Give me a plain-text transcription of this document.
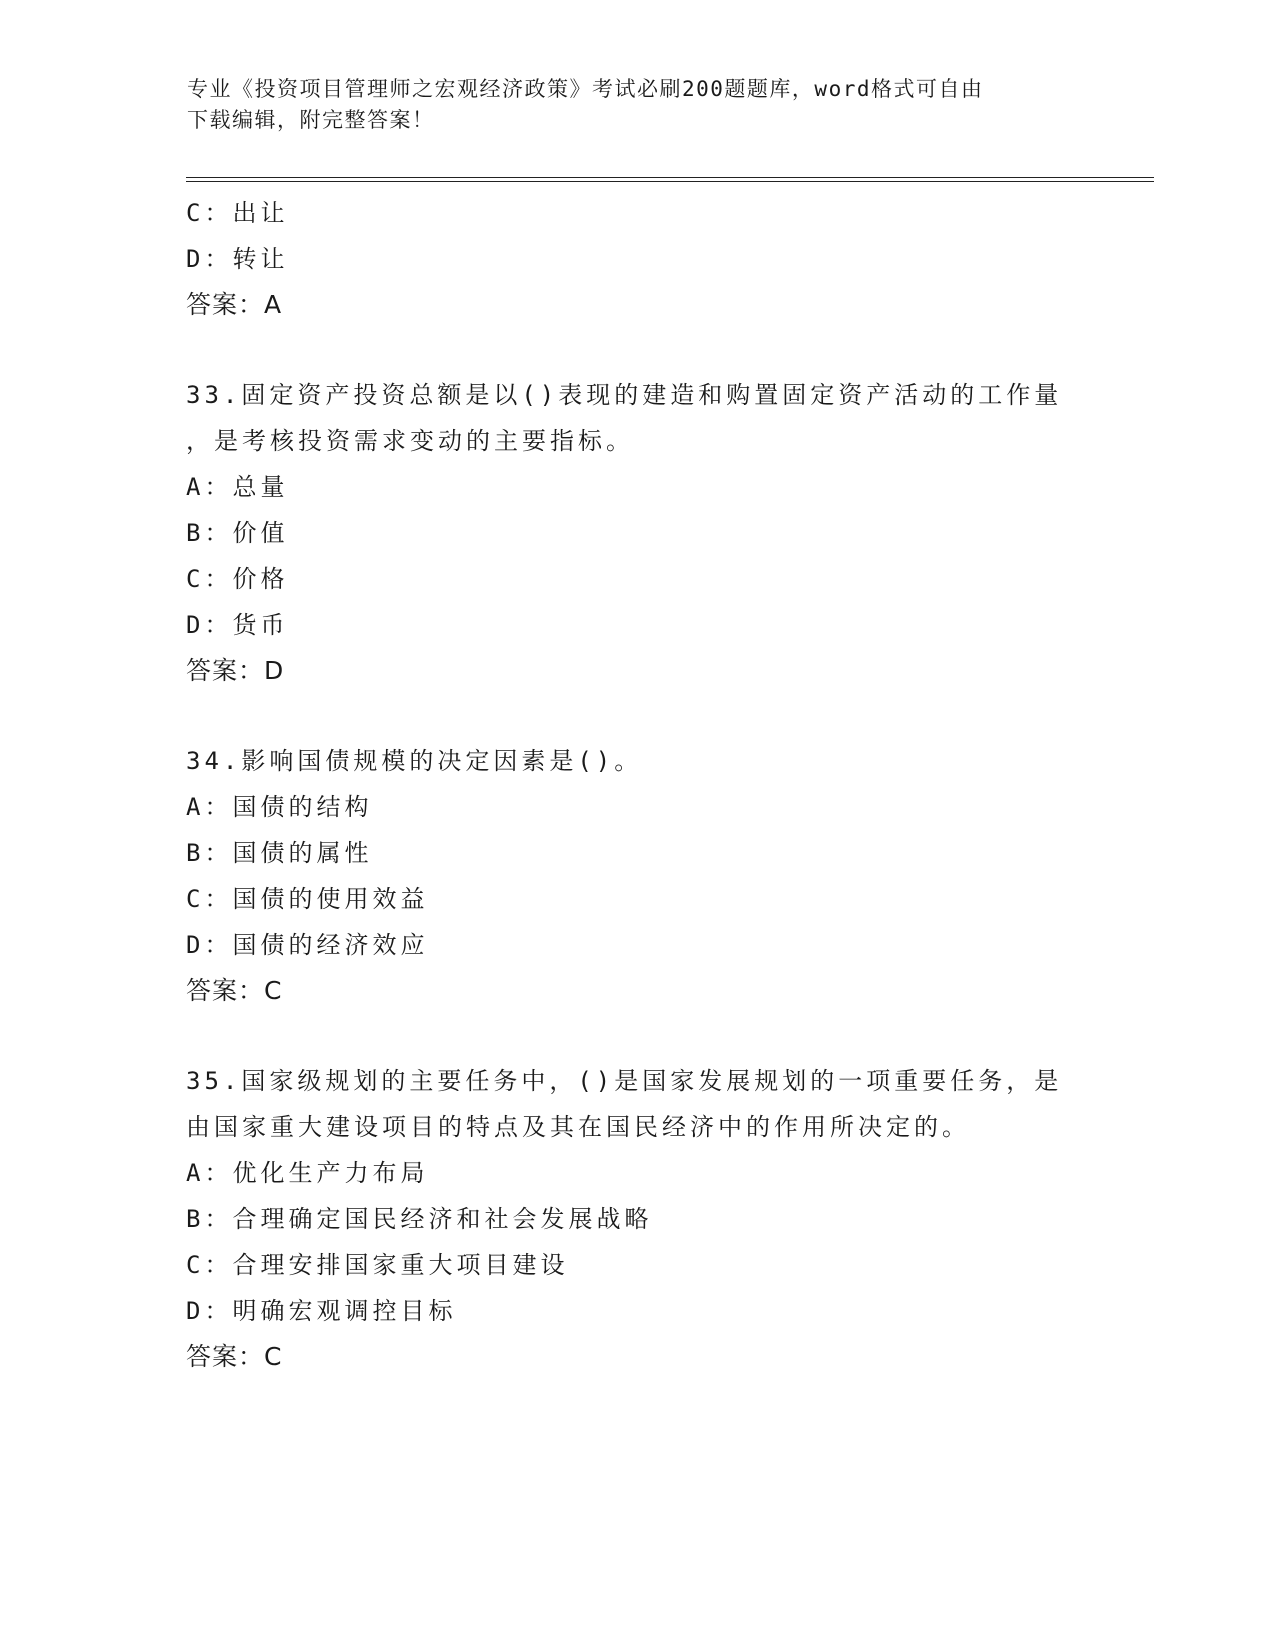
专业《投资项目管理师之宏观经济政策》考试必刷200题题库，word格式可自由
下载编辑，附完整答案！
C：出让
D：转让
答案：A
33.固定资产投资总额是以()表现的建造和购置固定资产活动的工作量
，是考核投资需求变动的主要指标。
A：总量
B：价值
C：价格
D：货币
答案：D
34.影响国债规模的决定因素是()。
A：国债的结构
B：国债的属性
C：国债的使用效益
D：国债的经济效应
答案：C
35.国家级规划的主要任务中，()是国家发展规划的一项重要任务，是
由国家重大建设项目的特点及其在国民经济中的作用所决定的。
A：优化生产力布局
B：合理确定国民经济和社会发展战略
C：合理安排国家重大项目建设
D：明确宏观调控目标
答案：C
